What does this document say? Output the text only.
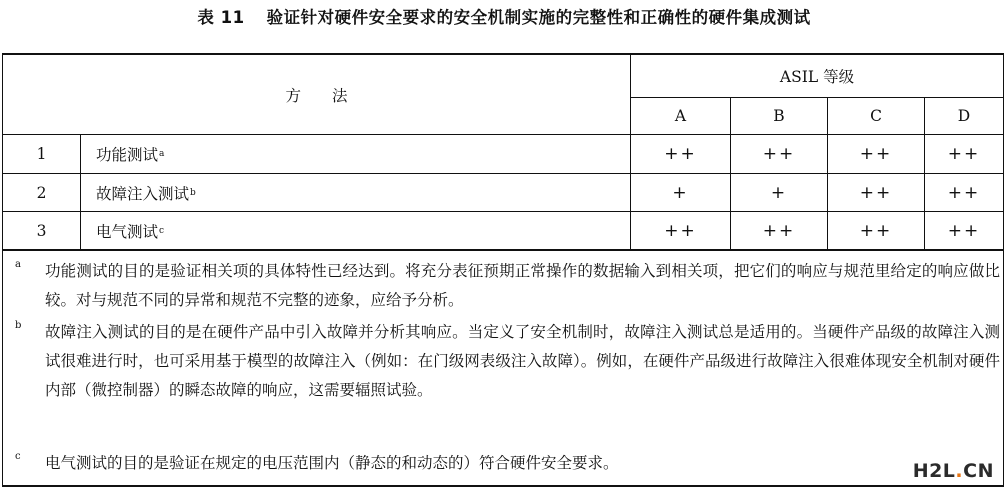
表 11 验证针对硬件安全要求的安全机制实施的完整性和正确性的硬件集成测试
方　　法
ASIL 等级
A	B	C	D
1	功能测试 a	++	++	++	++
2	故障注入测试 b	+	+	++	++
3	电气测试 c	++	++	++	++
a 功能测试的目的是验证相关项的具体特性已经达到。将充分表征预期正常操作的数据输入到相关项，把它们的响应与规范里给定的响应做比较。对与规范不同的异常和规范不完整的迹象，应给予分析。

b 故障注入测试的目的是在硬件产品中引入故障并分析其响应。当定义了安全机制时，故障注入测试总是适用的。当硬件产品级的故障注入测试很难进行时，也可采用基于模型的故障注入（例如：在门级网表级注入故障）。例如，在硬件产品级进行故障注入很难体现安全机制对硬件内部（微控制器）的瞬态故障的响应，这需要辐照试验。

c 电气测试的目的是验证在规定的电压范围内（静态的和动态的）符合硬件安全要求。	H2L.CN
